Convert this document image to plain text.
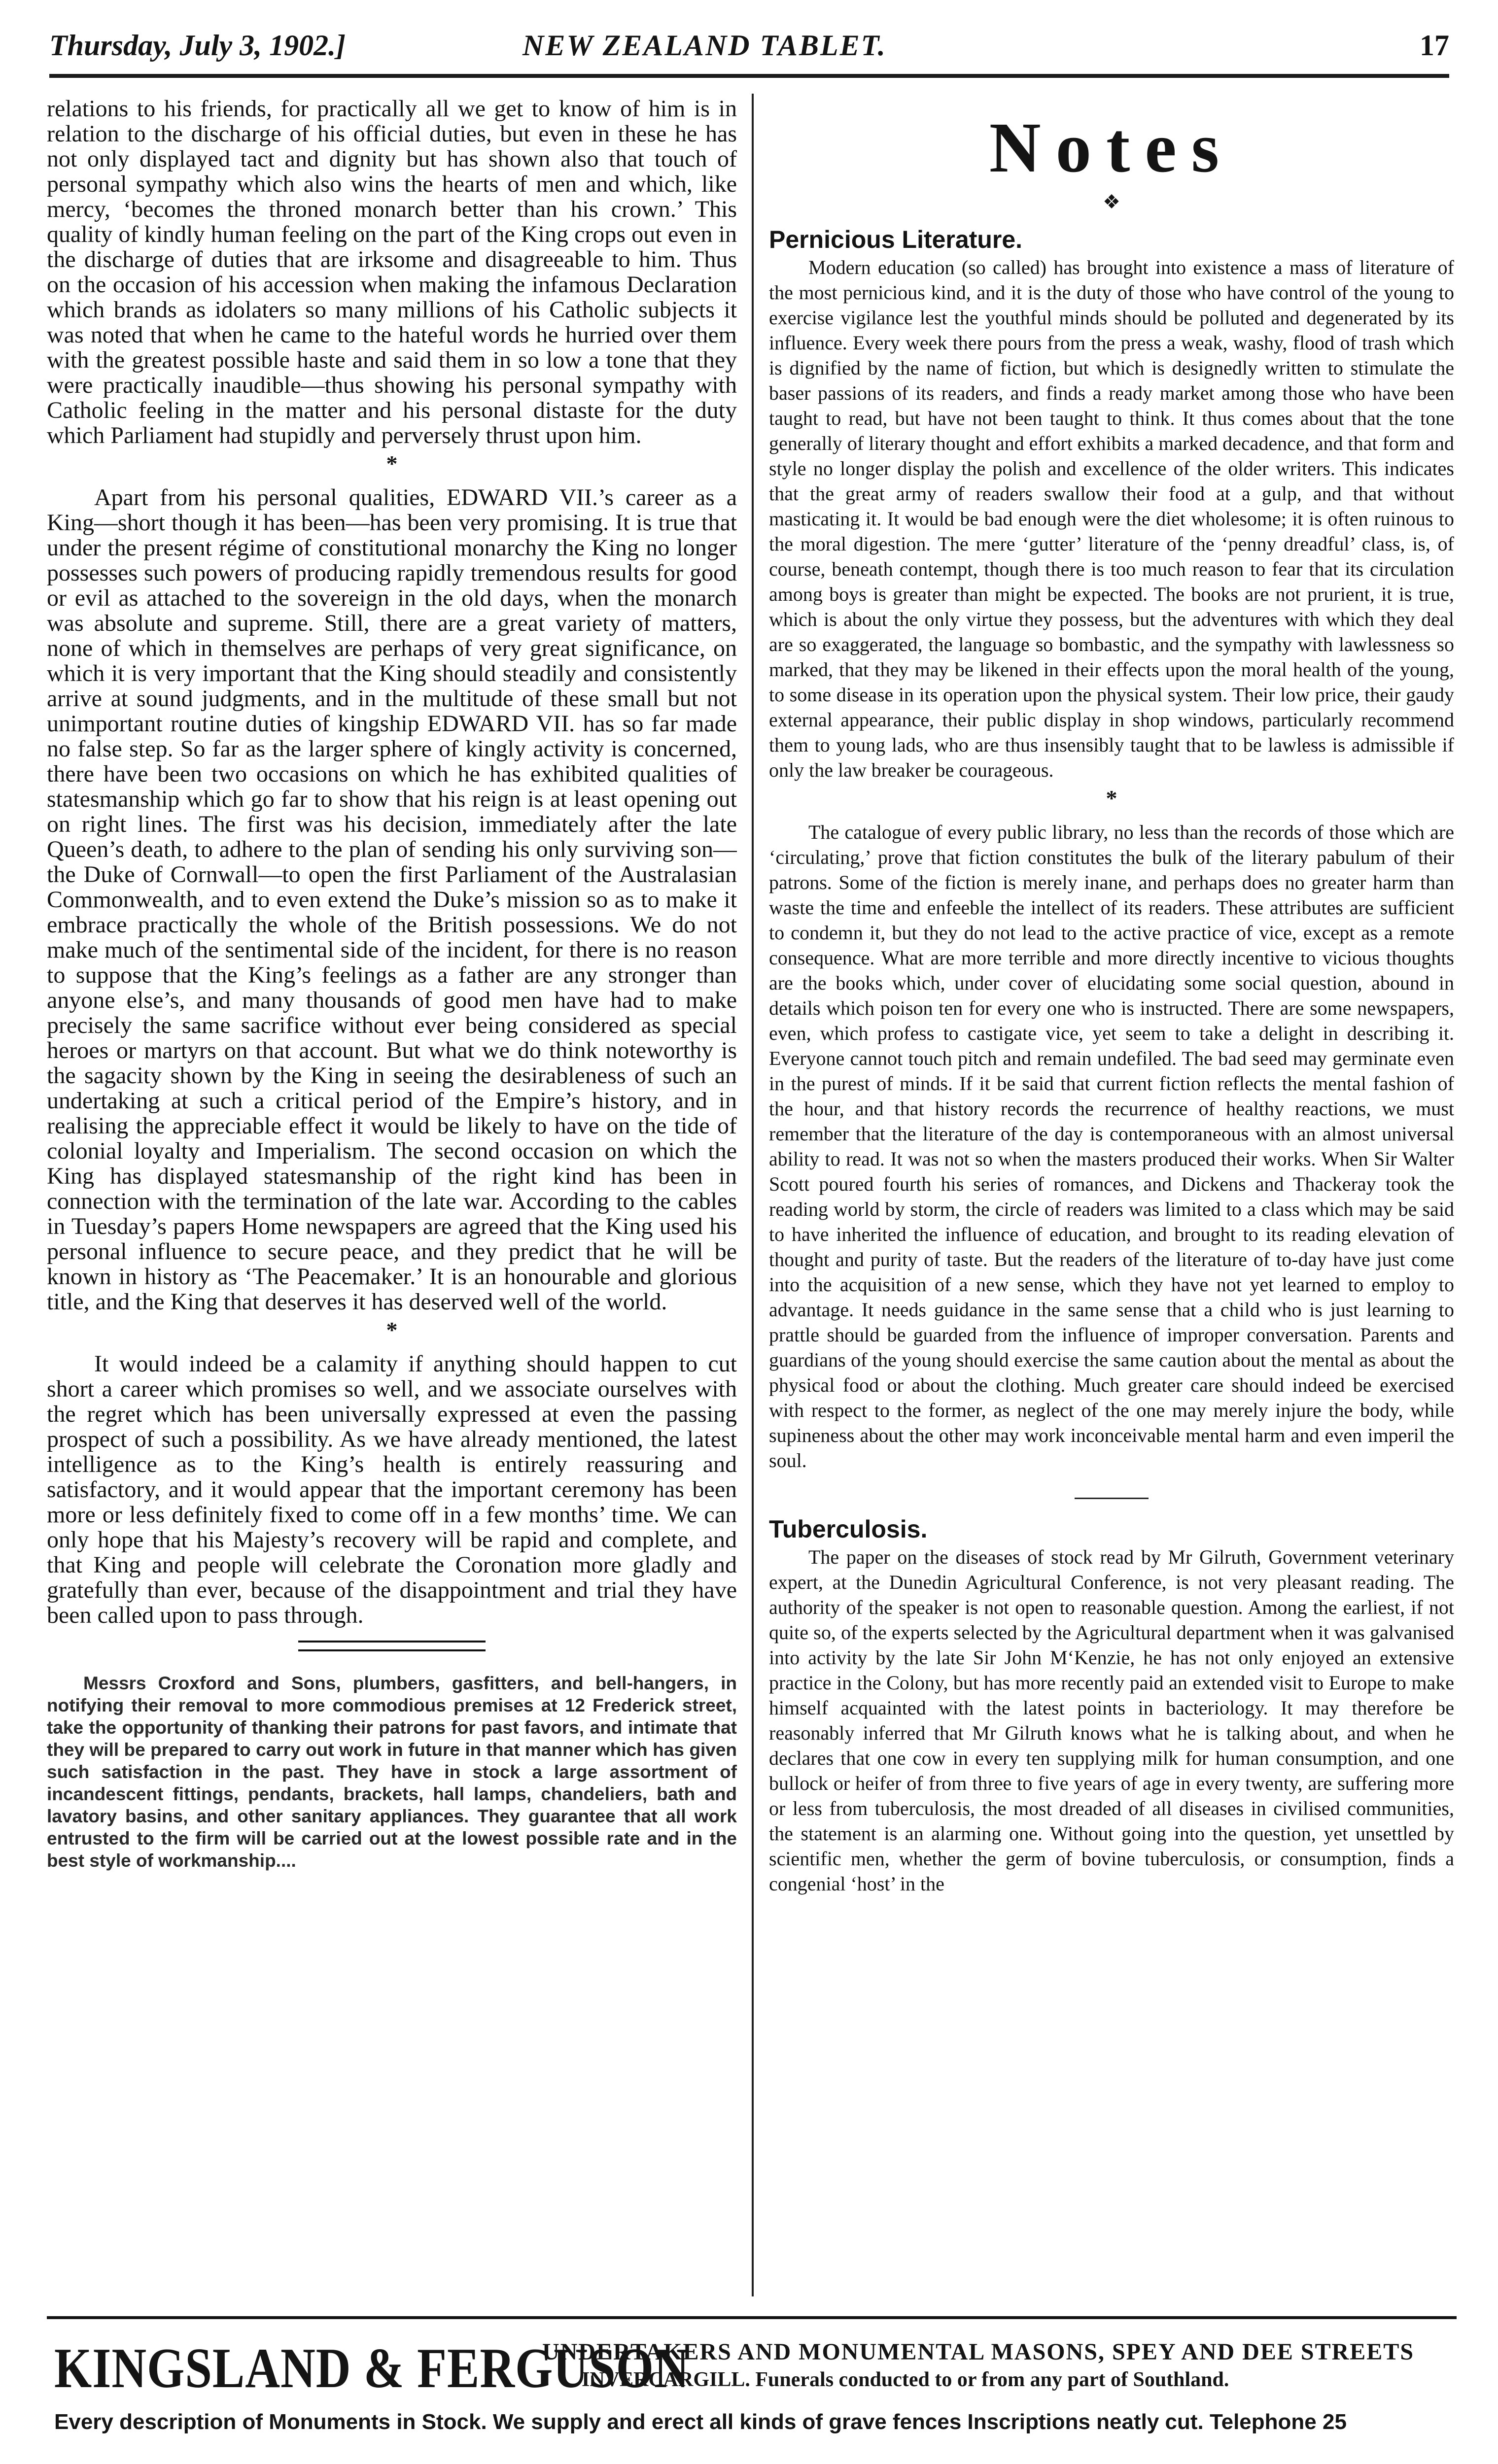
Thursday, July 3, 1902.]	NEW ZEALAND TABLET.	17

relations to his friends, for practically all we get to know of him is in relation to the discharge of his official duties, but even in these he has not only displayed tact and dignity but has shown also that touch of personal sympathy which also wins the hearts of men and which, like mercy, ‘becomes the throned monarch better than his crown.’ This quality of kindly human feeling on the part of the King crops out even in the discharge of duties that are irksome and disagreeable to him. Thus on the occasion of his accession when making the infamous Declaration which brands as idolaters so many millions of his Catholic subjects it was noted that when he came to the hateful words he hurried over them with the greatest possible haste and said them in so low a tone that they were practically inaudible—thus showing his personal sympathy with Catholic feeling in the matter and his personal distaste for the duty which Parliament had stupidly and perversely thrust upon him.

*

Apart from his personal qualities, EDWARD VII.’s career as a King—short though it has been—has been very promising. It is true that under the present régime of constitutional monarchy the King no longer possesses such powers of producing rapidly tremendous results for good or evil as attached to the sovereign in the old days, when the monarch was absolute and supreme. Still, there are a great variety of matters, none of which in themselves are perhaps of very great significance, on which it is very important that the King should steadily and consistently arrive at sound judgments, and in the multitude of these small but not unimportant routine duties of kingship EDWARD VII. has so far made no false step. So far as the larger sphere of kingly activity is concerned, there have been two occasions on which he has exhibited qualities of statesmanship which go far to show that his reign is at least opening out on right lines. The first was his decision, immediately after the late Queen’s death, to adhere to the plan of sending his only surviving son—the Duke of Cornwall—to open the first Parliament of the Australasian Commonwealth, and to even extend the Duke’s mission so as to make it embrace practically the whole of the British possessions. We do not make much of the sentimental side of the incident, for there is no reason to suppose that the King’s feelings as a father are any stronger than anyone else’s, and many thousands of good men have had to make precisely the same sacrifice without ever being considered as special heroes or martyrs on that account. But what we do think noteworthy is the sagacity shown by the King in seeing the desirableness of such an undertaking at such a critical period of the Empire’s history, and in realising the appreciable effect it would be likely to have on the tide of colonial loyalty and Imperialism. The second occasion on which the King has displayed statesmanship of the right kind has been in connection with the termination of the late war. According to the cables in Tuesday’s papers Home newspapers are agreed that the King used his personal influence to secure peace, and they predict that he will be known in history as ‘The Peacemaker.’ It is an honourable and glorious title, and the King that deserves it has deserved well of the world.

*

It would indeed be a calamity if anything should happen to cut short a career which promises so well, and we associate ourselves with the regret which has been universally expressed at even the passing prospect of such a possibility. As we have already mentioned, the latest intelligence as to the King’s health is entirely reassuring and satisfactory, and it would appear that the important ceremony has been more or less definitely fixed to come off in a few months’ time. We can only hope that his Majesty’s recovery will be rapid and complete, and that King and people will celebrate the Coronation more gladly and gratefully than ever, because of the disappointment and trial they have been called upon to pass through.

Messrs Croxford and Sons, plumbers, gasfitters, and bell-hangers, in notifying their removal to more commodious premises at 12 Frederick street, take the opportunity of thanking their patrons for past favors, and intimate that they will be prepared to carry out work in future in that manner which has given such satisfaction in the past. They have in stock a large assortment of incandescent fittings, pendants, brackets, hall lamps, chandeliers, bath and lavatory basins, and other sanitary appliances. They guarantee that all work entrusted to the firm will be carried out at the lowest possible rate and in the best style of workmanship....

Notes
❖
Pernicious Literature.

Modern education (so called) has brought into existence a mass of literature of the most pernicious kind, and it is the duty of those who have control of the young to exercise vigilance lest the youthful minds should be polluted and degenerated by its influence. Every week there pours from the press a weak, washy, flood of trash which is dignified by the name of fiction, but which is designedly written to stimulate the baser passions of its readers, and finds a ready market among those who have been taught to read, but have not been taught to think. It thus comes about that the tone generally of literary thought and effort exhibits a marked decadence, and that form and style no longer display the polish and excellence of the older writers. This indicates that the great army of readers swallow their food at a gulp, and that without masticating it. It would be bad enough were the diet wholesome; it is often ruinous to the moral digestion. The mere ‘gutter’ literature of the ‘penny dreadful’ class, is, of course, beneath contempt, though there is too much reason to fear that its circulation among boys is greater than might be expected. The books are not prurient, it is true, which is about the only virtue they possess, but the adventures with which they deal are so exaggerated, the language so bombastic, and the sympathy with lawlessness so marked, that they may be likened in their effects upon the moral health of the young, to some disease in its operation upon the physical system. Their low price, their gaudy external appearance, their public display in shop windows, particularly recommend them to young lads, who are thus insensibly taught that to be lawless is admissible if only the law breaker be courageous.

*

The catalogue of every public library, no less than the records of those which are ‘circulating,’ prove that fiction constitutes the bulk of the literary pabulum of their patrons. Some of the fiction is merely inane, and perhaps does no greater harm than waste the time and enfeeble the intellect of its readers. These attributes are sufficient to condemn it, but they do not lead to the active practice of vice, except as a remote consequence. What are more terrible and more directly incentive to vicious thoughts are the books which, under cover of elucidating some social question, abound in details which poison ten for every one who is instructed. There are some newspapers, even, which profess to castigate vice, yet seem to take a delight in describing it. Everyone cannot touch pitch and remain undefiled. The bad seed may germinate even in the purest of minds. If it be said that current fiction reflects the mental fashion of the hour, and that history records the recurrence of healthy reactions, we must remember that the literature of the day is contemporaneous with an almost universal ability to read. It was not so when the masters produced their works. When Sir Walter Scott poured fourth his series of romances, and Dickens and Thackeray took the reading world by storm, the circle of readers was limited to a class which may be said to have inherited the influence of education, and brought to its reading elevation of thought and purity of taste. But the readers of the literature of to-day have just come into the acquisition of a new sense, which they have not yet learned to employ to advantage. It needs guidance in the same sense that a child who is just learning to prattle should be guarded from the influence of improper conversation. Parents and guardians of the young should exercise the same caution about the mental as about the physical food or about the clothing. Much greater care should indeed be exercised with respect to the former, as neglect of the one may merely injure the body, while supineness about the other may work inconceivable mental harm and even imperil the soul.

Tuberculosis.

The paper on the diseases of stock read by Mr Gilruth, Government veterinary expert, at the Dunedin Agricultural Conference, is not very pleasant reading. The authority of the speaker is not open to reasonable question. Among the earliest, if not quite so, of the experts selected by the Agricultural department when it was galvanised into activity by the late Sir John M‘Kenzie, he has not only enjoyed an extensive practice in the Colony, but has more recently paid an extended visit to Europe to make himself acquainted with the latest points in bacteriology. It may therefore be reasonably inferred that Mr Gilruth knows what he is talking about, and when he declares that one cow in every ten supplying milk for human consumption, and one bullock or heifer of from three to five years of age in every twenty, are suffering more or less from tuberculosis, the most dreaded of all diseases in civilised communities, the statement is an alarming one. Without going into the question, yet unsettled by scientific men, whether the germ of bovine tuberculosis, or consumption, finds a congenial ‘host’ in the

KINGSLAND & FERGUSON
UNDERTAKERS AND MONUMENTAL MASONS, SPEY AND DEE STREETS
INVERCARGILL. Funerals conducted to or from any part of Southland.
Every description of Monuments in Stock. We supply and erect all kinds of grave fences Inscriptions neatly cut. Telephone 25
